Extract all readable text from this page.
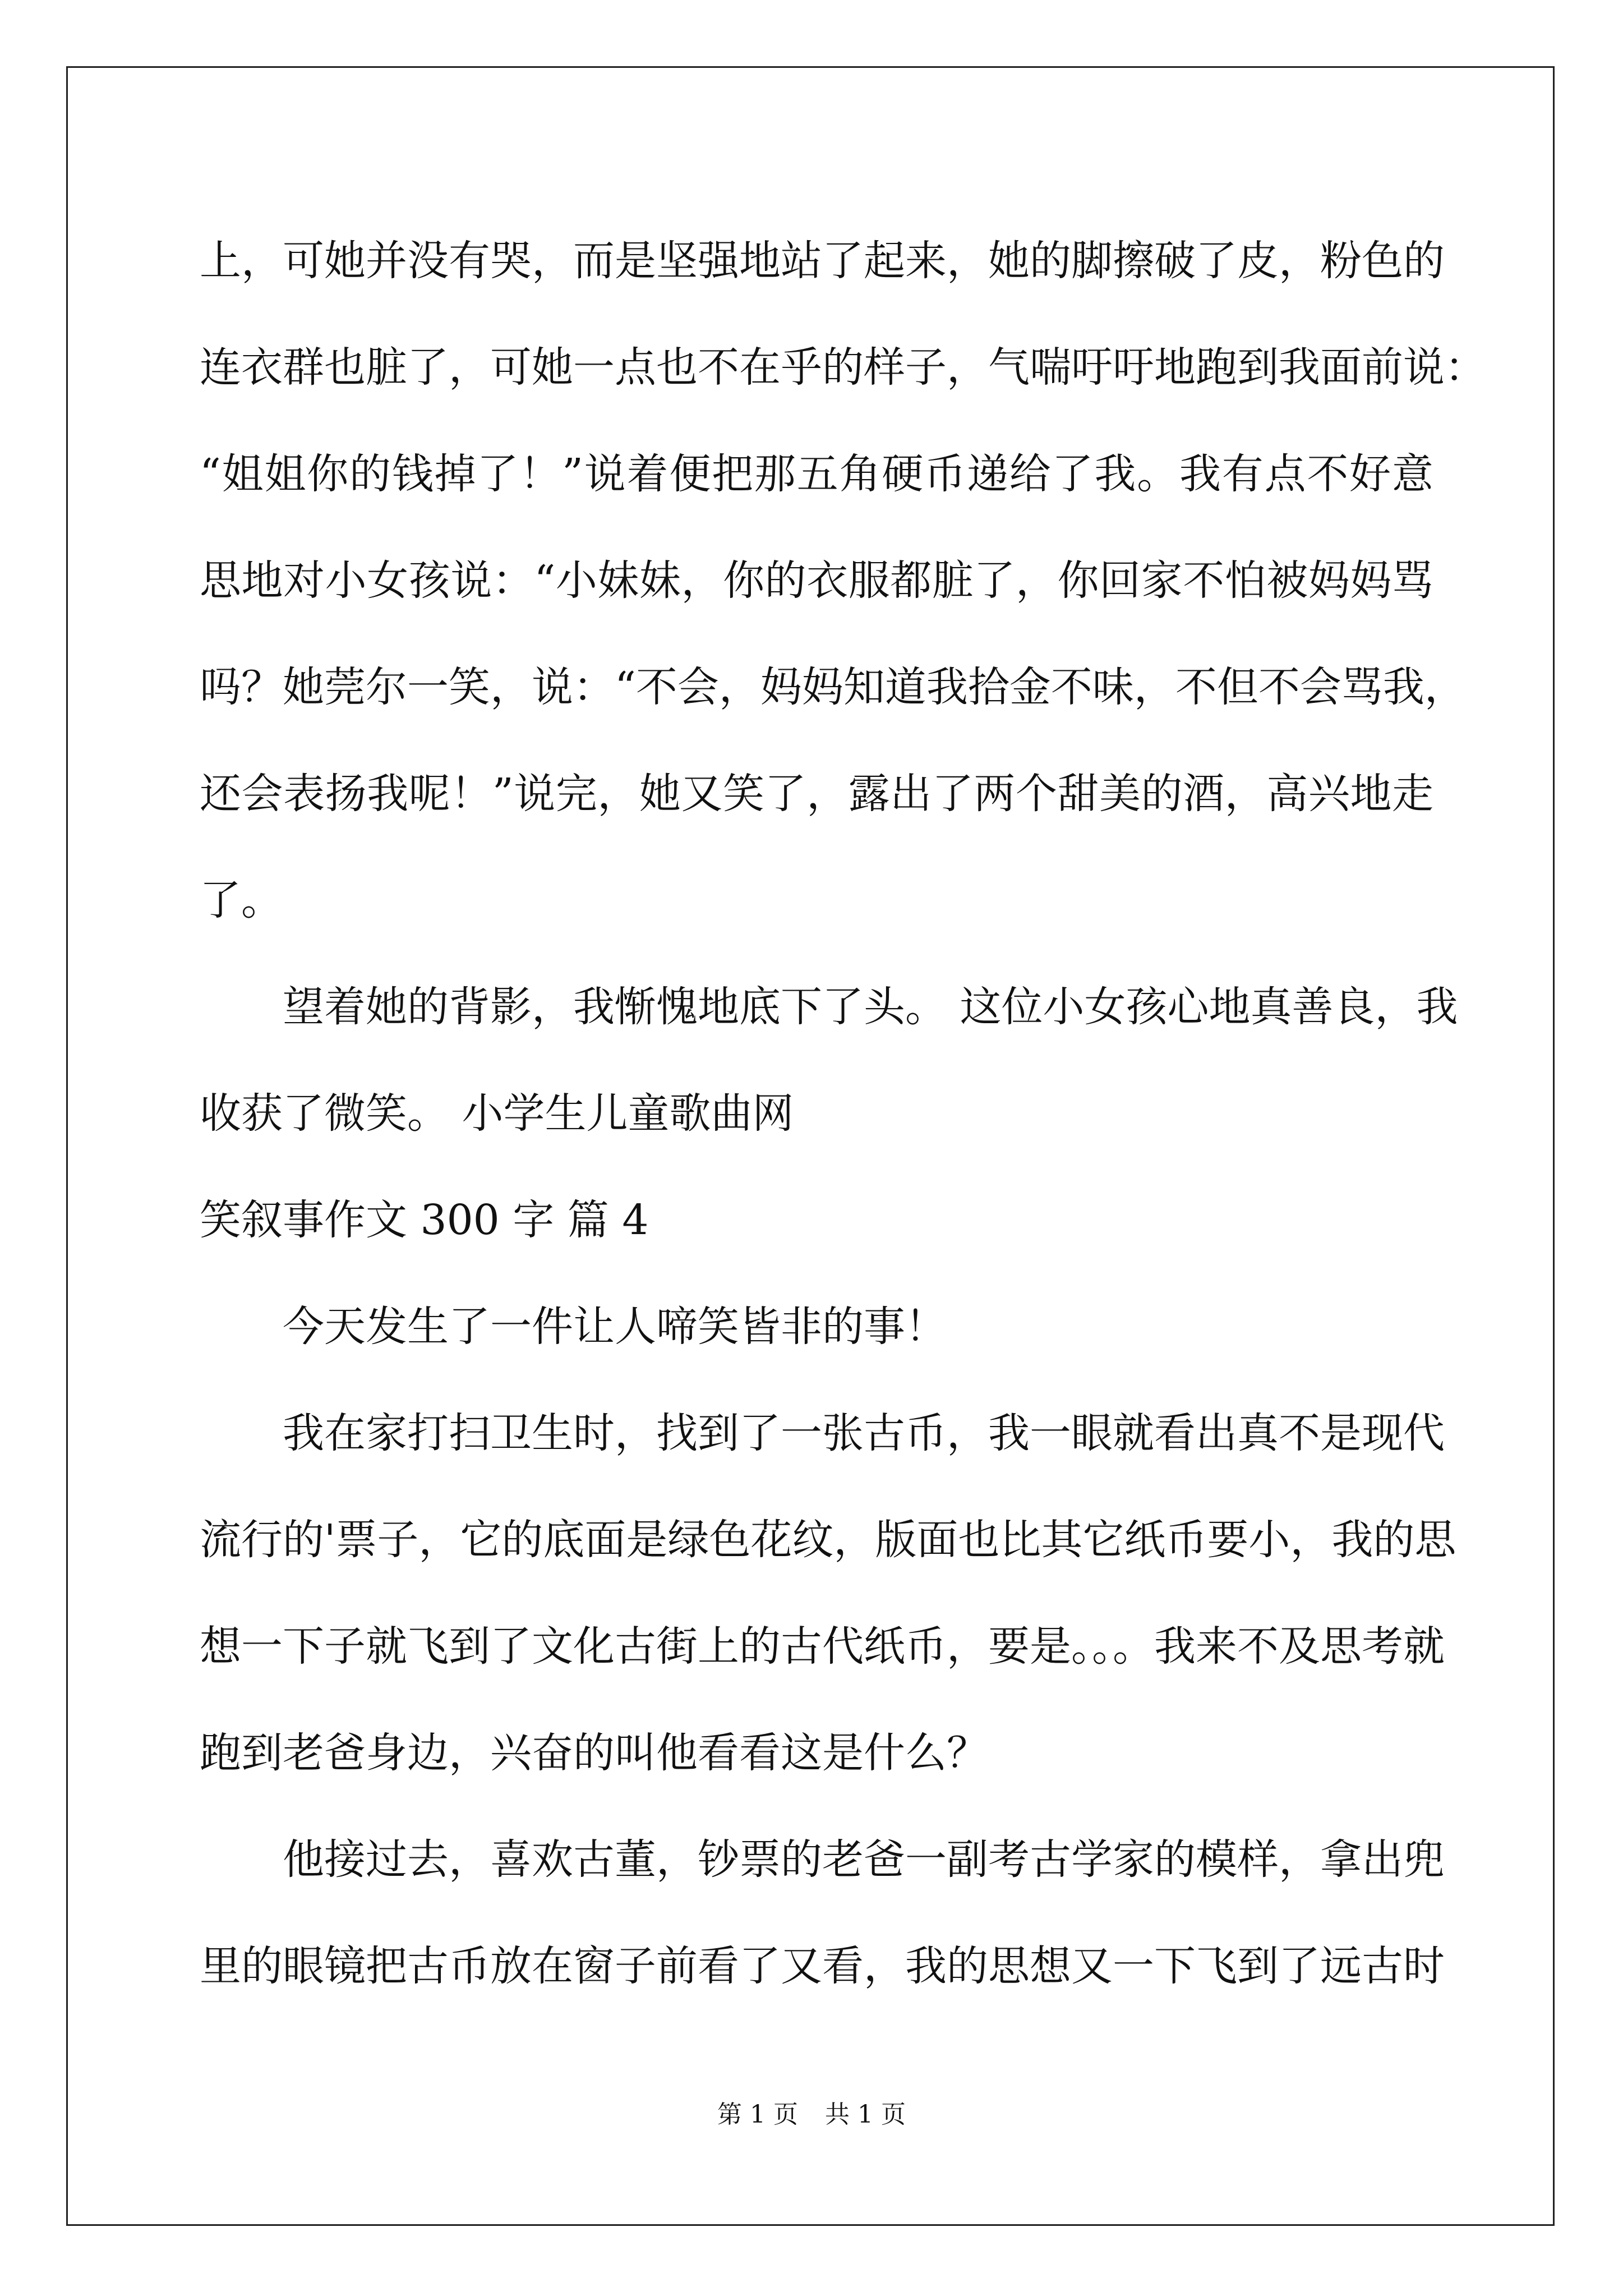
上，可她并没有哭，而是坚强地站了起来，她的脚擦破了皮，粉色的
连衣群也脏了，可她一点也不在乎的样子，气喘吁吁地跑到我面前说：
“姐姐你的钱掉了！”说着便把那五角硬币递给了我。我有点不好意
思地对小女孩说：“小妹妹，你的衣服都脏了，你回家不怕被妈妈骂
吗？她莞尔一笑，说：“不会，妈妈知道我拾金不味，不但不会骂我，
还会表扬我呢！”说完，她又笑了，露出了两个甜美的酒，高兴地走
了。
望着她的背影，我惭愧地底下了头。 这位小女孩心地真善良，我
收获了微笑。 小学生儿童歌曲网
笑叙事作文 300 字 篇 4
今天发生了一件让人啼笑皆非的事！
我在家打扫卫生时，找到了一张古币，我一眼就看出真不是现代
流行的'票子，它的底面是绿色花纹，版面也比其它纸币要小，我的思
想一下子就飞到了文化古街上的古代纸币，要是。。。我来不及思考就
跑到老爸身边，兴奋的叫他看看这是什么？
他接过去，喜欢古董，钞票的老爸一副考古学家的模样，拿出兜
里的眼镜把古币放在窗子前看了又看，我的思想又一下飞到了远古时
第 1 页 共 1 页
